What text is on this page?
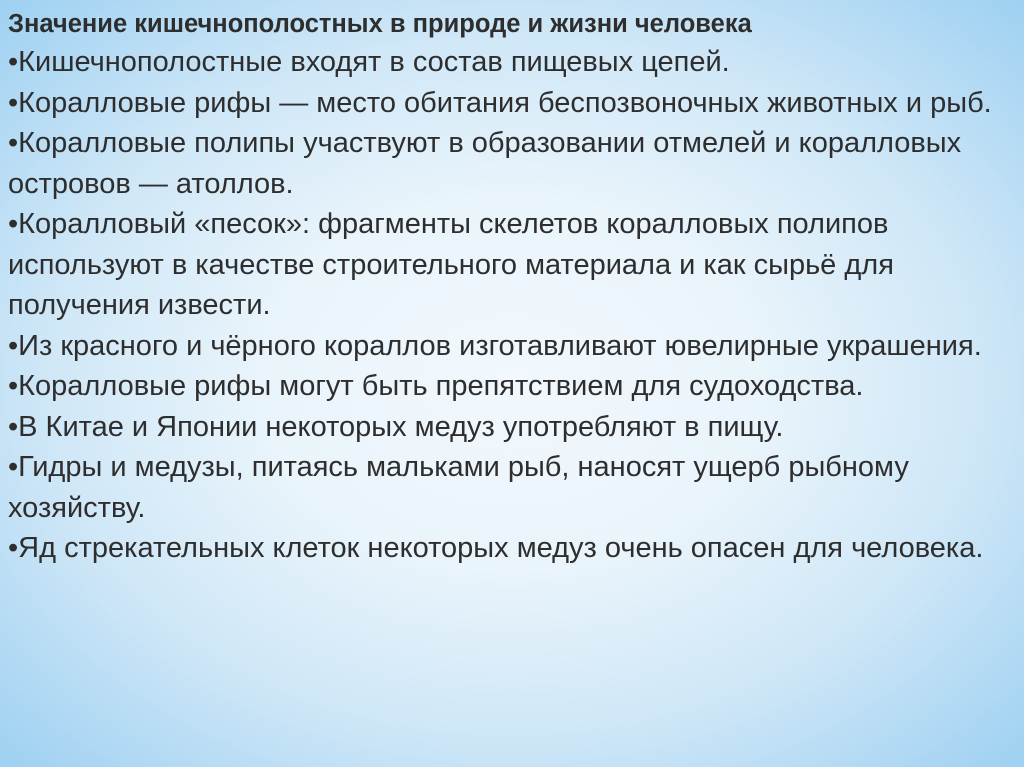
Значение кишечнополостных в природе и жизни человека
•Кишечнополостные входят в состав пищевых цепей.
•Коралловые рифы — место обитания беспозвоночных животных и рыб.
•Коралловые полипы участвуют в образовании отмелей и коралловых островов — атоллов.
•Коралловый «песок»: фрагменты скелетов коралловых полипов используют в качестве строительного материала и как сырьё для получения извести.
•Из красного и чёрного кораллов изготавливают ювелирные украшения.
•Коралловые рифы могут быть препятствием для судоходства.
•В Китае и Японии некоторых медуз употребляют в пищу.
•Гидры и медузы, питаясь мальками рыб, наносят ущерб рыбному хозяйству.
•Яд стрекательных клеток некоторых медуз очень опасен для человека.
